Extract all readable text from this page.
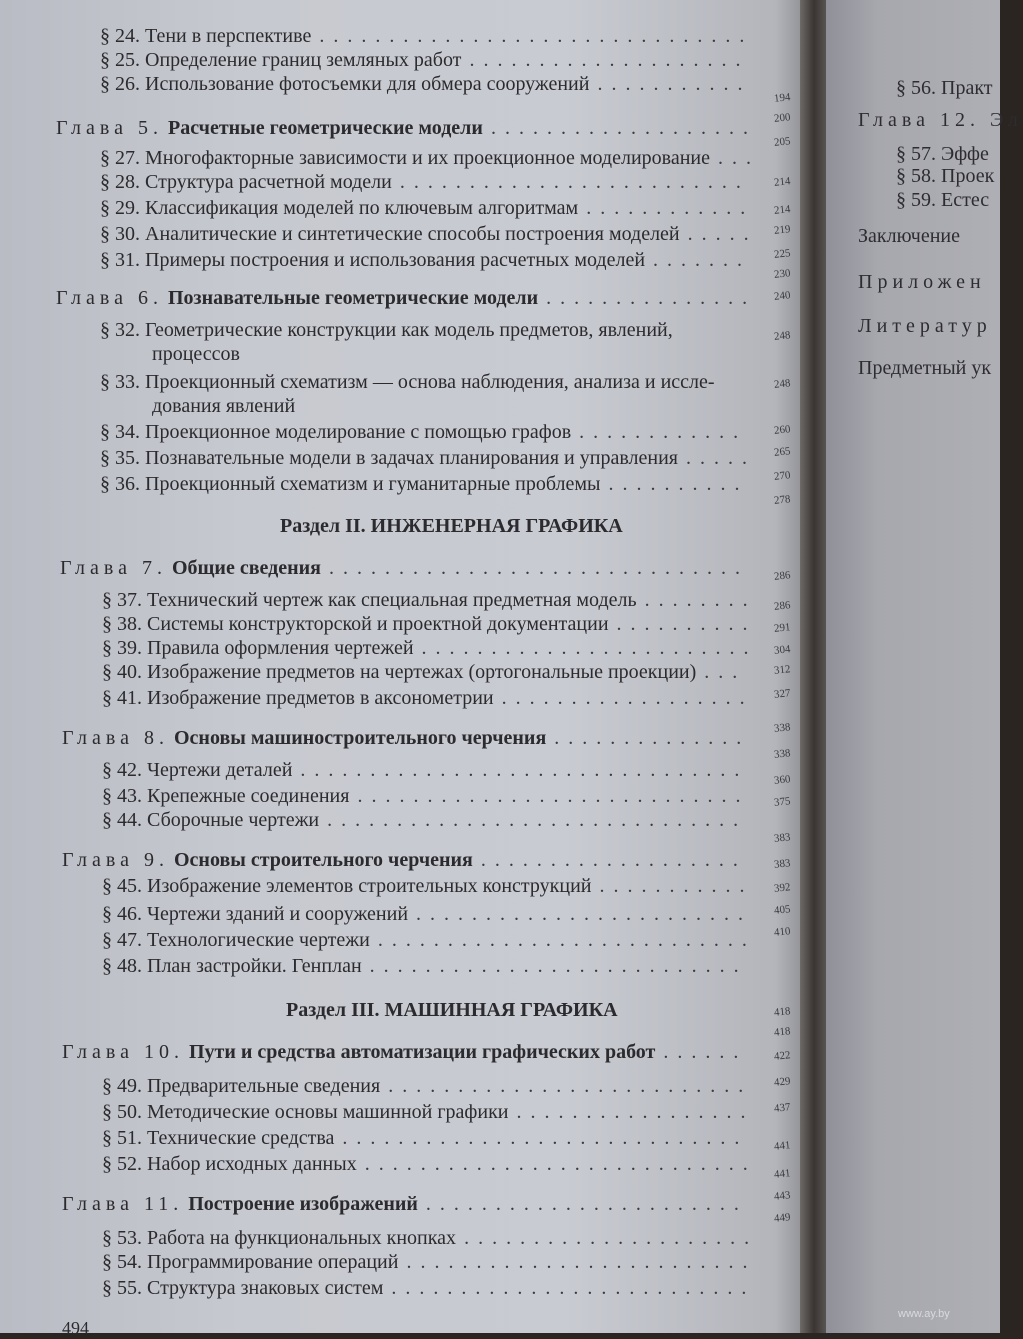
§ 24. Тени в перспективе ...............................
§ 25. Определение границ земляных работ ....................
§ 26. Использование фотосъемки для обмера сооружений ...........
Глава 5. Расчетные геометрические модели ...................
§ 27. Многофакторные зависимости и их проекционное моделирование ...
§ 28. Структура расчетной модели .........................
§ 29. Классификация моделей по ключевым алгоритмам ............
§ 30. Аналитические и синтетические способы построения моделей .....
§ 31. Примеры построения и использования расчетных моделей .......
Глава 6. Познавательные геометрические модели ...............
§ 32. Геометрические конструкции как модель предметов, явлений,
процессов
§ 33. Проекционный схематизм — основа наблюдения, анализа и иссле-
дования явлений
§ 34. Проекционное моделирование с помощью графов ............
§ 35. Познавательные модели в задачах планирования и управления .....
§ 36. Проекционный схематизм и гуманитарные проблемы ..........
Раздел II. ИНЖЕНЕРНАЯ ГРАФИКА
Глава 7. Общие сведения ..............................
§ 37. Технический чертеж как специальная предметная модель ........
§ 38. Системы конструкторской и проектной документации ..........
§ 39. Правила оформления чертежей ........................
§ 40. Изображение предметов на чертежах (ортогональные проекции) ...
§ 41. Изображение предметов в аксонометрии ..................
Глава 8. Основы машиностроительного черчения ..............
§ 42. Чертежи деталей ................................
§ 43. Крепежные соединения ............................
§ 44. Сборочные чертежи ..............................
Глава 9. Основы строительного черчения ...................
§ 45. Изображение элементов строительных конструкций ...........
§ 46. Чертежи зданий и сооружений ........................
§ 47. Технологические чертежи ...........................
§ 48. План застройки. Генплан ...........................
Раздел III. МАШИННАЯ ГРАФИКА
Глава 10. Пути и средства автоматизации графических работ ......
§ 49. Предварительные сведения ..........................
§ 50. Методические основы машинной графики .................
§ 51. Технические средства .............................
§ 52. Набор исходных данных ............................
Глава 11. Построение изображений .......................
§ 53. Работа на функциональных кнопках .....................
§ 54. Программирование операций .........................
§ 55. Структура знаковых систем ..........................
194
200
205
214
214
219
225
230
240
248
248
260
265
270
278
286
286
291
304
312
327
338
338
360
375
383
383
392
405
410
418
418
422
429
437
441
441
443
449
§ 56. Практ
Глава 12. Эл
§ 57. Эффе
§ 58. Проек
§ 59. Естес
Заключение
Приложен
Литератур
Предметный ук
494
www.ay.by
